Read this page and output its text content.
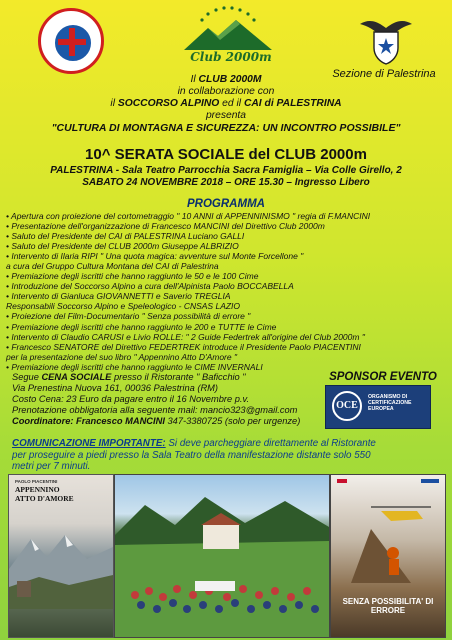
Club 2000m
Sezione di Palestrina
Il CLUB 2000M
in collaborazione con
il SOCCORSO ALPINO ed il CAI di PALESTRINA
presenta
"CULTURA DI MONTAGNA E SICUREZZA: UN INCONTRO POSSIBILE"
10^ SERATA SOCIALE del CLUB 2000m
PALESTRINA - Sala Teatro Parrocchia Sacra Famiglia – Via Colle Girello, 2
SABATO 24 NOVEMBRE 2018 – ORE 15.30 – Ingresso Libero
PROGRAMMA
• Apertura con proiezione del cortometraggio " 10 ANNI di APPENNINISMO " regia di F.MANCINI
• Presentazione dell'organizzazione di Francesco MANCINI del Direttivo Club 2000m
• Saluto del Presidente del CAI di PALESTRINA Luciano GALLI
• Saluto del Presidente del CLUB 2000m Giuseppe ALBRIZIO
• Intervento di Ilaria RIPI " Una quota magica: avventure sul Monte Forcellone "
a cura del Gruppo Cultura Montana del CAI di Palestrina
• Premiazione degli iscritti che hanno raggiunto le 50 e le 100 Cime
• Introduzione del Soccorso Alpino a cura dell'Alpinista Paolo BOCCABELLA
• Intervento di Gianluca GIOVANNETTI e Saverio TREGLIA
Responsabili Soccorso Alpino e Speleologico - CNSAS LAZIO
• Proiezione del Film-Documentario " Senza possibilità di errore "
• Premiazione degli iscritti che hanno raggiunto le 200 e TUTTE le Cime
• Intervento di Claudio CARUSI e Livio ROLLE: " 2 Guide Federtrek all'origine del Club 2000m "
• Francesco SENATORE del Direttivo FEDERTREK introduce il Presidente Paolo PIACENTINI
per la presentazione del suo libro " Appennino Atto D'Amore "
• Premiazione degli iscritti che hanno raggiunto le CIME INVERNALI
Segue CENA SOCIALE presso il Ristorante " Baficchio "
Via Prenestina Nuova 161, 00036 Palestrina (RM)
Costo Cena: 23 Euro da pagare entro il 16 Novembre p.v.
Prenotazione obbligatoria alla seguente mail: mancio323@gmail.com
Coordinatore: Francesco MANCINI 347-3380725 (solo per urgenze)
SPONSOR EVENTO
OCE
ORGANISMO DI CERTIFICAZIONE EUROPEA
COMUNICAZIONE IMPORTANTE: Si deve parcheggiare direttamente al Ristorante per proseguire a piedi presso la Sala Teatro della manifestazione distante solo 550 metri per 7 minuti.
PAOLO PIACENTINI
APPENNINO
ATTO D'AMORE
SENZA POSSIBILITA' DI ERRORE
